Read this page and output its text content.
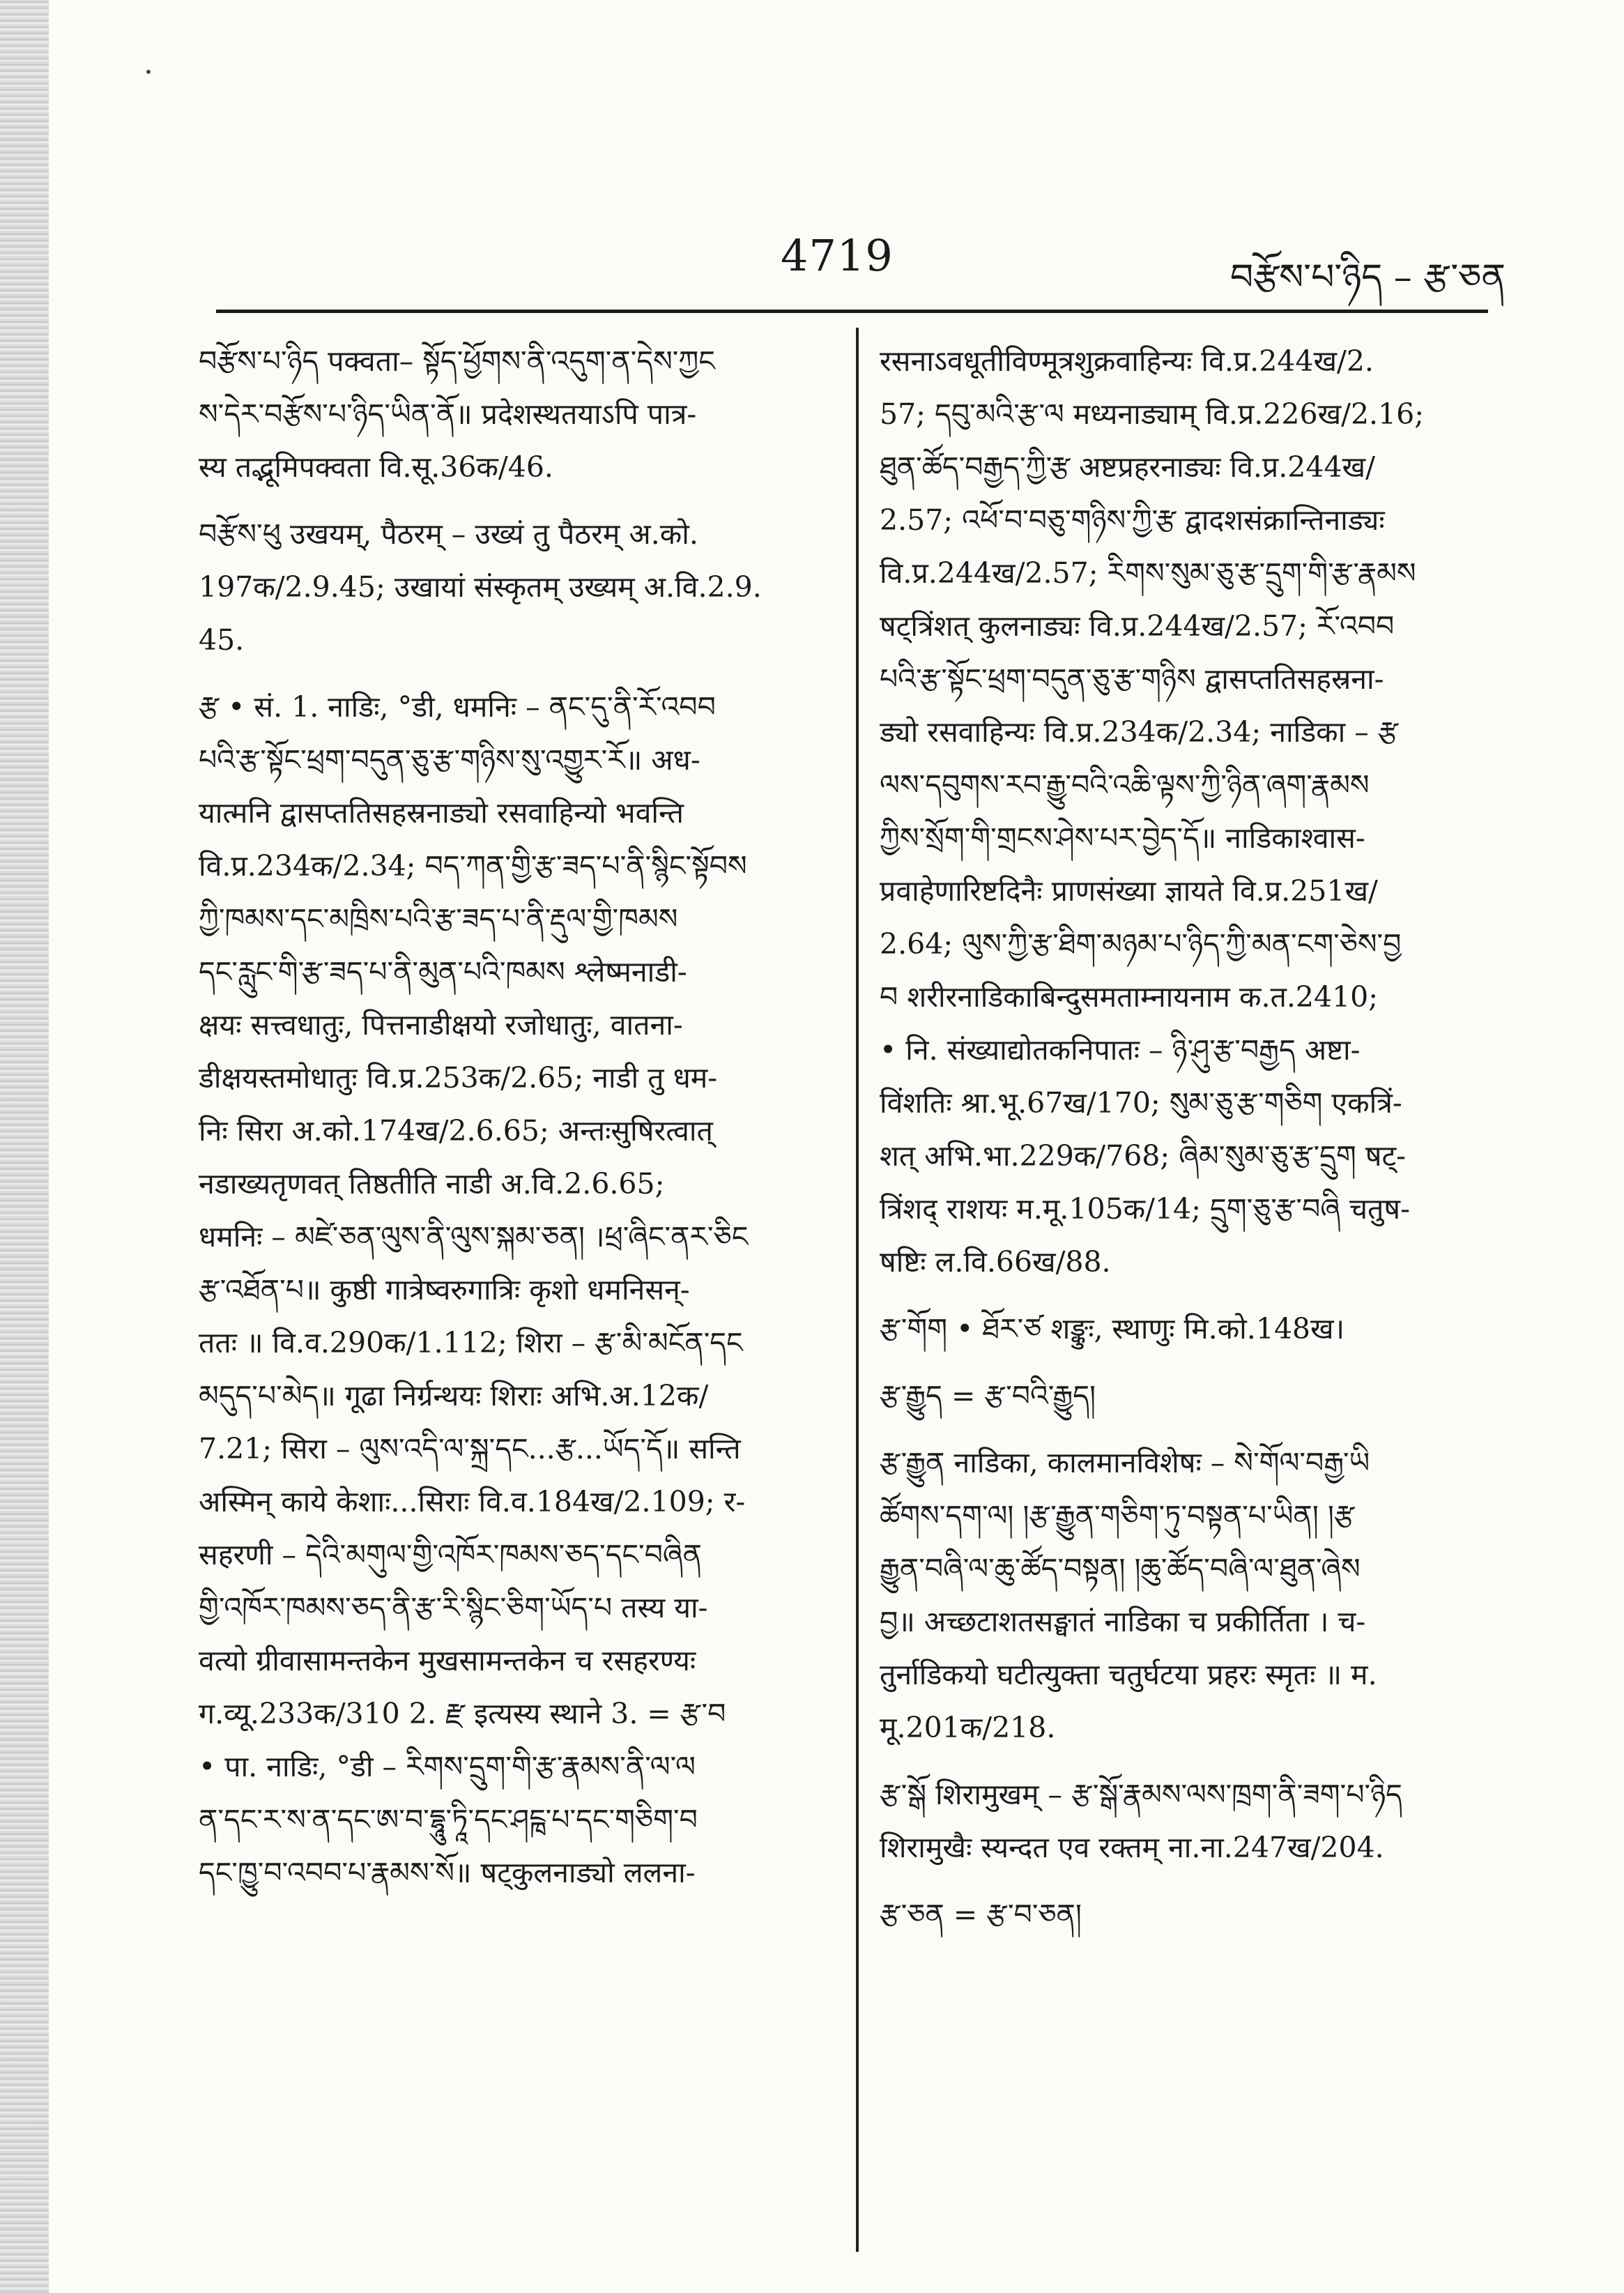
4719	བརྩོས་པ་ཉིད – རྩ་ཅན
བརྩོས་པ་ཉིད पक्वता– སྟོད་ཕྱོགས་ནི་འདུག་ན་དེས་ཀྱང
ས་དེར་བརྩོས་པ་ཉིད་ཡིན་ནོ॥ प्रदेशस्थतयाऽपि पात्र-
स्य तद्भूमिपक्वता वि.सू.36क/46.
བརྩོས་ཕུ उखयम्, पैठरम् – उख्यं तु पैठरम् अ.को.
197क/2.9.45; उखायां संस्कृतम् उख्यम् अ.वि.2.9.
45.
རྩ • सं. 1. नाडिः, °डी, धमनिः – ནང་དུ་ནི་རོ་འབབ
པའི་རྩ་སྟོང་ཕྲག་བདུན་ཅུ་རྩ་གཉིས་སུ་འགྱུར་རོ॥ अध-
यात्मनि द्वासप्ततिसहस्रनाड्यो रसवाहिन्यो भवन्ति
वि.प्र.234क/2.34; བད་ཀན་གྱི་རྩ་ཟད་པ་ནི་སྙིང་སྟོབས
ཀྱི་ཁམས་དང་མཁྲིས་པའི་རྩ་ཟད་པ་ནི་རྡུལ་གྱི་ཁམས
དང་རླུང་གི་རྩ་ཟད་པ་ནི་མུན་པའི་ཁམས श्लेष्मनाडी-
क्षयः सत्त्वधातुः, पित्तनाडीक्षयो रजोधातुः, वातना-
डीक्षयस्तमोधातुः वि.प्र.253क/2.65; नाडी तु धम-
निः सिरा अ.को.174ख/2.6.65; अन्तःसुषिरत्वात्
नडाख्यतृणवत् तिष्ठतीति नाडी अ.वि.2.6.65;
धमनिः – མཛེ་ཅན་ལུས་ནི་ལུས་སྐམ་ཅན། ।ཕྲ་ཞིང་ནར་ཅིང
རྩ་འཐོན་པ॥ कुष्ठी गात्रेष्वरुगात्रिः कृशो धमनिसन्-
ततः ॥ वि.व.290क/1.112; शिरा – རྩ་མི་མངོན་དང
མདུད་པ་མེད॥ गूढा निर्ग्रन्थयः शिराः अभि.अ.12क/
7.21; सिरा – ལུས་འདི་ལ་སྐྲ་དང...རྩ...ཡོད་དོ॥ सन्ति
अस्मिन् काये केशाः...सिराः वि.व.184ख/2.109; र-
सहरणी – དེའི་མགུལ་གྱི་འཁོར་ཁམས་ཅད་དང་བཞིན
གྱི་འཁོར་ཁམས་ཅད་ནི་རྩ་རི་སྙིང་ཅིག་ཡོད་པ तस्य या-
वत्यो ग्रीवासामन्तकेन मुखसामन्तकेन च रसहरण्यः
ग.व्यू.233क/310 2. རྫ इत्यस्य स्थाने 3. = རྩ་བ
• पा. नाडिः, °डी – རིགས་དྲུག་གི་རྩ་རྣམས་ནི་ལ་ལ
ན་དང་ར་ས་ན་དང་ཨ་བ་དྷཱུ་ཏཱི་དང་ཤངྑ་པ་དང་གཅིག་བ
དང་ཁྱུ་བ་འབབ་པ་རྣམས་སོ॥ षट्कुलनाड्यो ललना-
रसनाऽवधूतीविण्मूत्रशुक्रवाहिन्यः वि.प्र.244ख/2.
57; དབུ་མའི་རྩ་ལ मध्यनाड्याम् वि.प्र.226ख/2.16;
ཐུན་ཚོད་བརྒྱད་ཀྱི་རྩ अष्टप्रहरनाड्यः वि.प्र.244ख/
2.57; འཕོ་བ་བཅུ་གཉིས་ཀྱི་རྩ द्वादशसंक्रान्तिनाड्यः
वि.प्र.244ख/2.57; རིགས་སུམ་ཅུ་རྩ་དྲུག་གི་རྩ་རྣམས
षट्त्रिंशत् कुलनाड्यः वि.प्र.244ख/2.57; རོ་འབབ
པའི་རྩ་སྟོང་ཕྲག་བདུན་ཅུ་རྩ་གཉིས द्वासप्ततिसहस्रना-
ड्यो रसवाहिन्यः वि.प्र.234क/2.34; नाडिका – རྩ
ལས་དབུགས་རབ་རྒྱུ་བའི་འཆི་ལྟས་ཀྱི་ཉིན་ཞག་རྣམས
ཀྱིས་སྲོག་གི་གྲངས་ཤེས་པར་བྱེད་དོ॥ नाडिकाश्वास-
प्रवाहेणारिष्टदिनैः प्राणसंख्या ज्ञायते वि.प्र.251ख/
2.64; ལུས་ཀྱི་རྩ་ཐིག་མཉམ་པ་ཉིད་ཀྱི་མན་ངག་ཅེས་བྱ
བ शरीरनाडिकाबिन्दुसमताम्नायनाम क.त.2410;
• नि. संख्याद्योतकनिपातः – ཉི་ཤུ་རྩ་བརྒྱད अष्टा-
विंशतिः श्रा.भू.67ख/170; སུམ་ཅུ་རྩ་གཅིག एकत्रिं-
शत् अभि.भा.229क/768; ཞིམ་སུམ་ཅུ་རྩ་དྲུག षट्-
त्रिंशद् राशयः म.मू.105क/14; དྲུག་ཅུ་རྩ་བཞི चतुष-
षष्टिः ल.वि.66ख/88.
རྩ་གོག • ཐོར་ཙ शङ्कुः, स्थाणुः मि.को.148ख।
རྩ་རྒྱུད = རྩ་བའི་རྒྱུད།
རྩ་རྒྱུན नाडिका, कालमानविशेषः – སེ་གོལ་བརྒྱ་ཡི
ཚོགས་དག་ལ། །རྩ་རྒྱུན་གཅིག་ཏུ་བསྟན་པ་ཡིན། །རྩ
རྒྱུན་བཞི་ལ་ཆུ་ཚོད་བསྟན། །ཆུ་ཚོད་བཞི་ལ་ཐུན་ཞེས
བྱ॥ अच्छटाशतसङ्घातं नाडिका च प्रकीर्तिता । च-
तुर्नाडिकयो घटीत्युक्ता चतुर्घटया प्रहरः स्मृतः ॥ म.
मू.201क/218.
རྩ་སྒོ शिरामुखम् – རྩ་སྒོ་རྣམས་ལས་ཁྲག་ནི་ཟག་པ་ཉིད
शिरामुखैः स्यन्दत एव रक्तम् ना.ना.247ख/204.
རྩ་ཅན = རྩ་བ་ཅན།
